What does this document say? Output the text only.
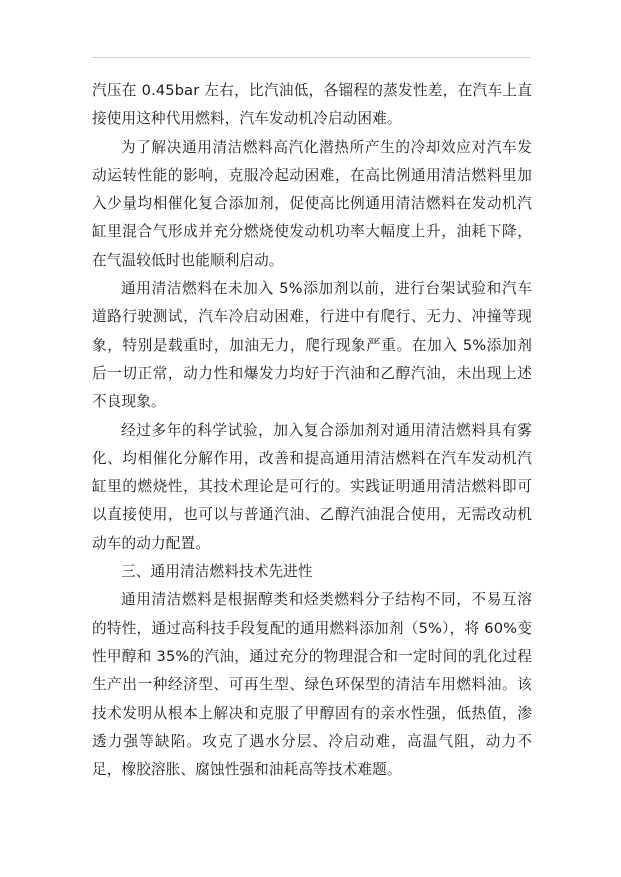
汽压在 0.45bar 左右，比汽油低，各镏程的蒸发性差，在汽车上直接使用这种代用燃料，汽车发动机冷启动困难。

为了解决通用清洁燃料高汽化潜热所产生的冷却效应对汽车发动运转性能的影响，克服冷起动困难，在高比例通用清洁燃料里加入少量均相催化复合添加剂，促使高比例通用清洁燃料在发动机汽缸里混合气形成并充分燃烧使发动机功率大幅度上升，油耗下降，在气温较低时也能顺利启动。

通用清洁燃料在未加入 5%添加剂以前，进行台架试验和汽车道路行驶测试，汽车冷启动困难，行进中有爬行、无力、冲撞等现象，特别是载重时，加油无力，爬行现象严重。在加入 5%添加剂后一切正常，动力性和爆发力均好于汽油和乙醇汽油，未出现上述不良现象。

经过多年的科学试验，加入复合添加剂对通用清洁燃料具有雾化、均相催化分解作用，改善和提高通用清洁燃料在汽车发动机汽缸里的燃烧性，其技术理论是可行的。实践证明通用清洁燃料即可以直接使用，也可以与普通汽油、乙醇汽油混合使用，无需改动机动车的动力配置。

三、通用清洁燃料技术先进性

通用清洁燃料是根据醇类和烃类燃料分子结构不同，不易互溶的特性，通过高科技手段复配的通用燃料添加剂（5%），将 60%变性甲醇和 35%的汽油，通过充分的物理混合和一定时间的乳化过程生产出一种经济型、可再生型、绿色环保型的清洁车用燃料油。该技术发明从根本上解决和克服了甲醇固有的亲水性强，低热值，渗透力强等缺陷。攻克了遇水分层、冷启动难，高温气阻，动力不足，橡胶溶胀、腐蚀性强和油耗高等技术难题。
